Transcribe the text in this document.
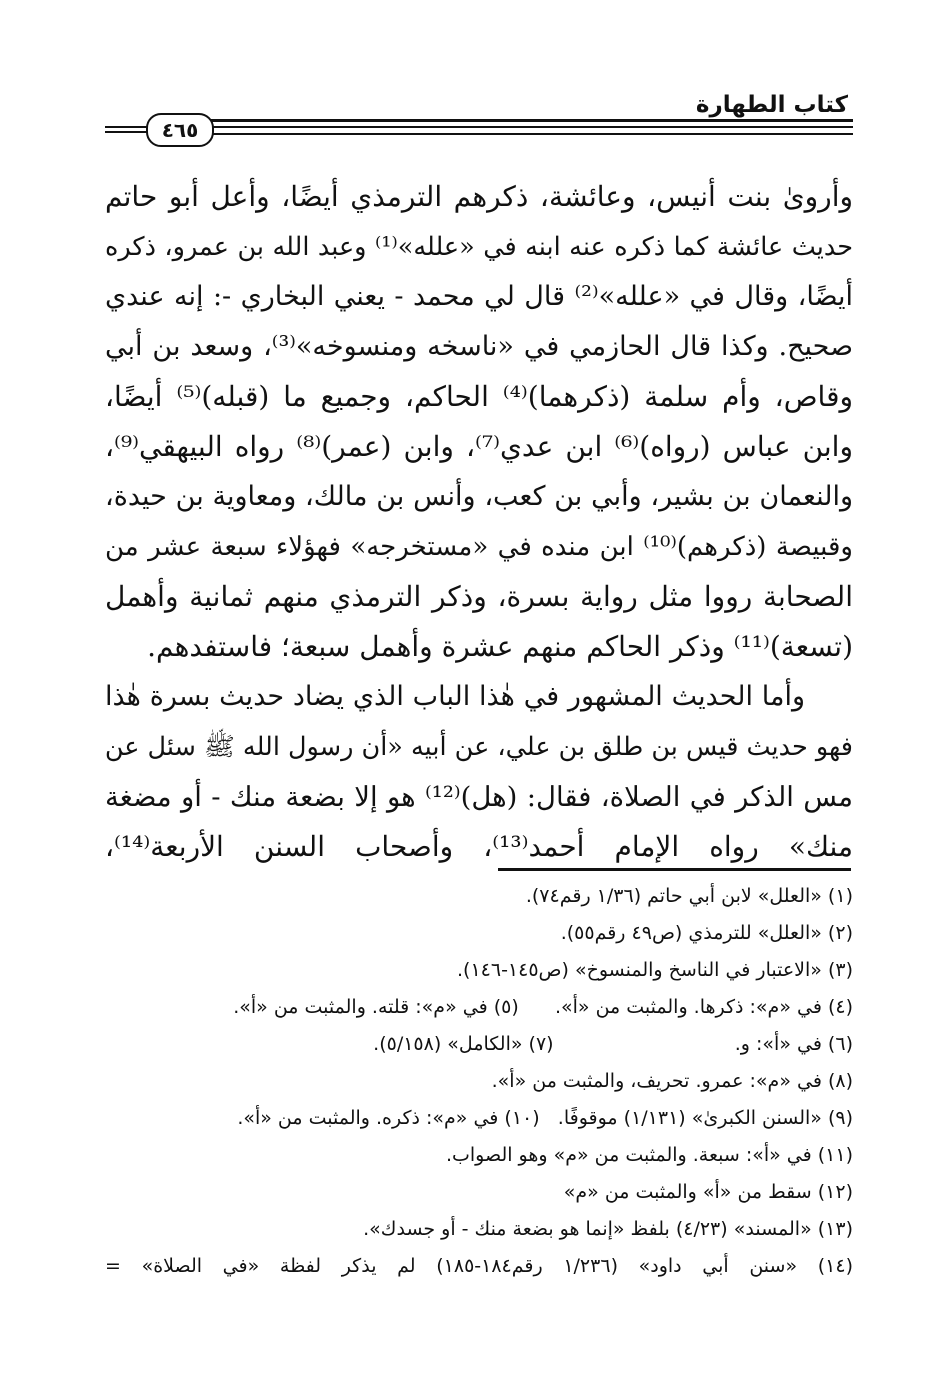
كتاب الطهارة
٤٦٥
وأرویٰ بنت أنيس، وعائشة، ذكرهم الترمذي أيضًا، وأعل أبو حاتم
حديث عائشة كما ذكره عنه ابنه في «علله»⁽¹⁾ وعبد الله بن عمرو، ذكره
أيضًا، وقال في «علله»⁽²⁾ قال لي محمد - يعني البخاري -: إنه عندي
صحيح. وكذا قال الحازمي في «ناسخه ومنسوخه»⁽³⁾، وسعد بن أبي
وقاص، وأم سلمة (ذكرهما)⁽⁴⁾ الحاكم، وجميع ما (قبله)⁽⁵⁾ أيضًا،
وابن عباس (رواه)⁽⁶⁾ ابن عدي⁽⁷⁾، وابن (عمر)⁽⁸⁾ رواه البيهقي⁽⁹⁾،
والنعمان بن بشير، وأبي بن كعب، وأنس بن مالك، ومعاوية بن حيدة،
وقبيصة (ذكرهم)⁽¹⁰⁾ ابن منده في «مستخرجه» فهؤلاء سبعة عشر من
الصحابة رووا مثل رواية بسرة، وذكر الترمذي منهم ثمانية وأهمل
(تسعة)⁽¹¹⁾ وذكر الحاكم منهم عشرة وأهمل سبعة؛ فاستفدهم.
وأما الحديث المشهور في هٰذا الباب الذي يضاد حديث بسرة هٰذا
فهو حديث قيس بن طلق بن علي، عن أبيه «أن رسول الله ﷺ سئل عن
مس الذكر في الصلاة، فقال: (هل)⁽¹²⁾ هو إلا بضعة منك - أو مضغة
منك» رواه الإمام أحمد⁽¹³⁾، وأصحاب السنن الأربعة⁽¹⁴⁾،
(١) «العلل» لابن أبي حاتم (١/٣٦ رقم٧٤).
(٢) «العلل» للترمذي (ص٤٩ رقم٥٥).
(٣) «الاعتبار في الناسخ والمنسوخ» (ص١٤٥-١٤٦).
(٤) في «م»: ذكرها. والمثبت من «أ».      (٥) في «م»: قلته. والمثبت من «أ».
(٦) في «أ»: و.                              (٧) «الكامل» (٥/١٥٨).
(٨) في «م»: عمرو. تحريف، والمثبت من «أ».
(٩) «السنن الكبرىٰ» (١/١٣١) موقوفًا.   (١٠) في «م»: ذكره. والمثبت من «أ».
(١١) في «أ»: سبعة. والمثبت من «م» وهو الصواب.
(١٢) سقط من «أ» والمثبت من «م»
(١٣) «المسند» (٤/٢٣) بلفظ «إنما هو بضعة منك - أو جسدك».
(١٤) «سنن أبي داود» (١/٢٣٦ رقم١٨٤-١٨٥) لم يذكر لفظة «في الصلاة» =
